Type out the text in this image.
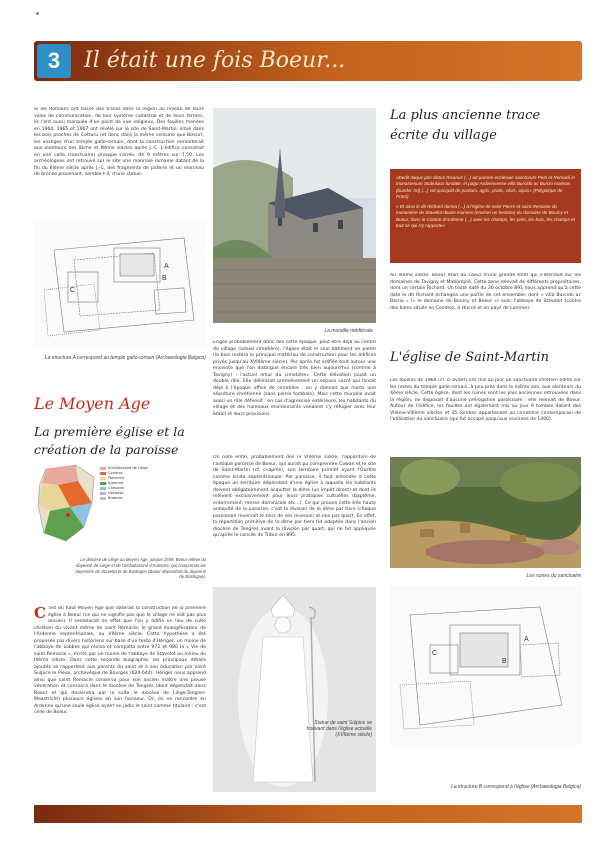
3	Il était une fois Boeur...
Si les Romains ont laissé des traces dans la région au niveau de leurs voies de communication, de leur système cadastral et de leurs fermes, ils l'ont aussi marquée d'un point de vue religieux. Des fouilles menées en 1964, 1965 et 1967 ont révélé sur le site de Saint-Martin, situé dans les bois proches de Cetturu (et donc dans la même centurie que Boeur), les vestiges d'un temple gallo-romain, dont la construction remonterait aux alentours des IIème et IIIème siècles après J.-C. L'édifice consistait en une cella (sanctuaire) presque carrée, de 9 mètres sur 7,50. Les archéologues ont retrouvé sur le site une monnaie romaine datant de la fin du IIIème siècle après J.-C, des fragments de poterie et un morceau de bronze provenant, semble-t-il, d'une statue.
A
B
C
La structure A correspond au temple gallo-romain (Archaeologia Belgica)
Le Moyen Age
La première église et la
création de la paroisse
Archidiaconé de Liège
Condroz
Famenne
Ardenne
Campine
Hesbaye
Brabant
Le diocèse de Liège au Moyen Age, jusque 1559. Boeur relève du doyenné de Liège et de l'archidiaconé d'Ardenne, qui comprenait les doyennés de Stavelot et de Bastogne (Boeur dépendant du doyenné de Bastogne).
C 'est du haut Moyen Age que daterait la construction de la première église à Boeur (ce qui ne signifie pas que le village ne soit pas plus ancien). Il semblerait en effet que l'on y édifia un lieu de culte chrétien du vivant même de saint Remacle, le grand évangélisateur de l'Ardenne septentrionale, au VIIème siècle. Cette hypothèse a été proposée par divers historiens sur base d'un texte d'Hériger, un moine de l'abbaye de Lobbes qui révisa et compléta entre 972 et 980 la « Vie de saint Remacle », écrite par un moine de l'abbaye de Stavelot au milieu du IXème siècle. Dans cette seconde biographie, les principaux détails ajoutés se rapportent aux parents du saint et à son éducation par saint Sulpice le Pieux, archevêque de Bourges (624-644). Hériger nous apprend ainsi que saint Remacle conserva pour son ancien maître une pieuse vénération et consacra dans le diocèse de Tongres (dont dépendait alors Boeur et qui deviendra par la suite le diocèse de Liège-Tongres-Maastricht) plusieurs églises en son honneur. Or, on ne rencontre en Ardenne qu'une seule église ayant eu jadis le saint comme titulaire : c'est celle de Boeur.
La muraille médiévale
Erigée probablement donc dès cette époque, peut-être déjà au centre du village (actuel cimetière), l'église était le seul bâtiment en pierre (le bois restera le principal matériau de construction pour les édifices privés jusqu'au XVIIIème siècle). Par après fut édifiée tout autour une enceinte que l'on distingue encore très bien aujourd'hui (comme à Tavigny) : l'actuel emur du cimetière». Cette élévation jouait un double rôle. Elle délimitait premièrement un espace sacré qui faisait déjà à l'époque office de cimetière : on y donnait aux morts une sépulture chrétienne (sans pierre tombale). Mais cette muraille avait aussi un rôle défensif : en cas d'agression extérieure, les habitants du village et des hameaux environnants venaient s'y réfugier avec leur bétail et leurs provisions.
On note enfin, probablement dès le VIIIème siècle, l'apparition de l'antique paroisse de Boeur, qui aurait pu comprendre Cowan et le site de Saint-Martin (cf. ci-après), son territoire primitif ayant l'Ourthe comme limite septentrionale. Par paroisse, il faut entendre à cette époque un territoire dépendant d'une église à laquelle les habitants doivent obligatoirement acquitter la dîme (un impôt direct) et dont ils relèvent exclusivement pour leurs pratiques cultuelles (baptême, enterrement, messe dominicale etc...). Ce qui prouve cette très haute antiquité de la paroisse, c'est la division de la dîme par tiers (chaque paroissien reversait le tiers de ses revenus) et non par quart. En effet, la répartition primitive de la dîme par tiers fut adoptée dans l'ancien diocèse de Tongres avant la division par quart, qui ne fut appliquée qu'après le concile de Tribur en 895.
Statue de saint Sulpice se trouvant dans l'église actuelle (XVIIème siècle)
La plus ancienne trace
écrite du village

«Dedit itaque jam dictus Ricarius (...) ad parrem ecclesiae sanctorum Petri et Remacli in monasterium Stabulaus fundate, in pago Ardvensense villa Burcido ac Burcio mansos (bunder XII) (...) vel quicquid de partium, agris, pratis, silvis, aquis» (Polyptique de Prüm)

« Et ainsi le dit Richard donna (...) à l'église de saint Pierre et saint Remacle du monastère de Stavelot douze manses (environ un hectare) du domaine de Bourcy et Boeur, dans le Canton d'Ardenne (...) avec les champs, les prés, les bois, les champs et tout ce qui s'y rapporte»

Au IXème siècle, Boeur était au coeur d'une grande forêt qui s'étendait sur les domaines de Tavigny et Mabompré. Cette zone relevait de différents propriétaires, dont un certain Richard. Un texte daté du 30 octobre 891 nous apprend qu'à cette date le dit Richard échangea une partie de cet ensemble, dont « villa Burcido ac Barrio » (« le domaine de Bourcy et Boeur ») avec l'abbaye de Stavelot (contre des biens situés en Condroz, à Huccé et en pays de Lomme).
L'église de Saint-Martin
Les fouilles de 1964 (cf. ci-avant) ont mis au jour un sanctuaire chrétien édifié sur les restes du temple gallo-romain, à peu près dans le même axe, aux alentours du Xème siècle. Cette église, dont les ruines sont les plus anciennes retrouvées dans la région, ne disposait d'aucune prérogative paroissiale : elle relevait de Boeur. Autour de l'édifice, les fouilles ont également mis au jour 9 tombes datant des VIIème-VIIIème siècles et 35 tombes appartenant au cimetière contemporain de l'utilisation du sanctuaire (qui fut occupé jusqu'aux environs de 1400).
Les ruines du sanctuaire
A
C
B
La structure B correspond à l'église (Archaeologia Belgica)
